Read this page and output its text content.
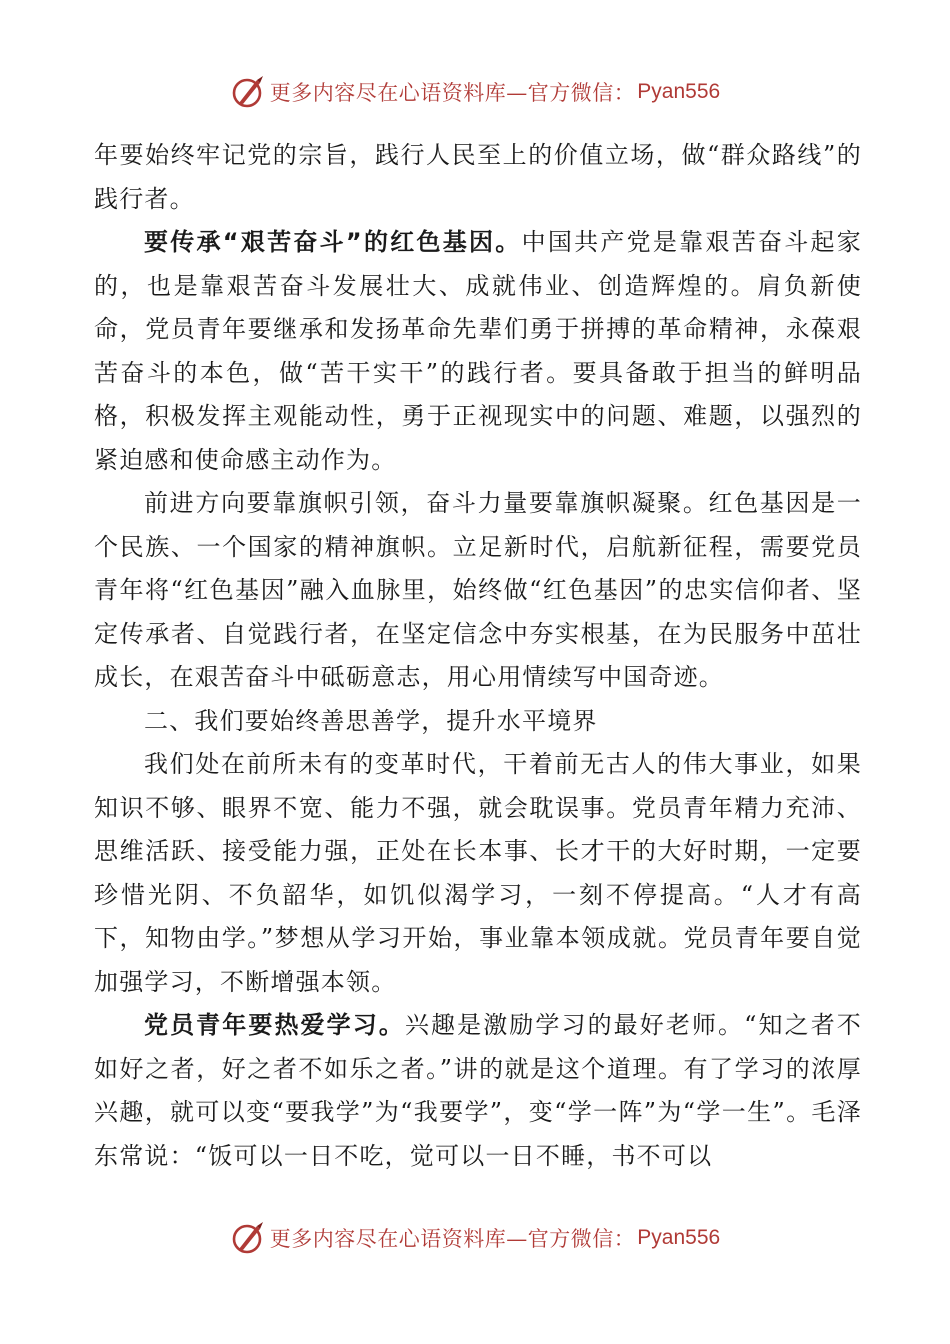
更多内容尽在心语资料库—官方微信： Pyan556

年要始终牢记党的宗旨，践行人民至上的价值立场，做“群众路线”的践行者。

要传承“艰苦奋斗”的红色基因。中国共产党是靠艰苦奋斗起家的，也是靠艰苦奋斗发展壮大、成就伟业、创造辉煌的。肩负新使命，党员青年要继承和发扬革命先辈们勇于拼搏的革命精神，永葆艰苦奋斗的本色，做“苦干实干”的践行者。要具备敢于担当的鲜明品格，积极发挥主观能动性，勇于正视现实中的问题、难题，以强烈的紧迫感和使命感主动作为。

前进方向要靠旗帜引领，奋斗力量要靠旗帜凝聚。红色基因是一个民族、一个国家的精神旗帜。立足新时代，启航新征程，需要党员青年将“红色基因”融入血脉里，始终做“红色基因”的忠实信仰者、坚定传承者、自觉践行者，在坚定信念中夯实根基，在为民服务中茁壮成长，在艰苦奋斗中砥砺意志，用心用情续写中国奇迹。

二、我们要始终善思善学，提升水平境界

我们处在前所未有的变革时代，干着前无古人的伟大事业，如果知识不够、眼界不宽、能力不强，就会耽误事。党员青年精力充沛、思维活跃、接受能力强，正处在长本事、长才干的大好时期，一定要珍惜光阴、不负韶华，如饥似渴学习，一刻不停提高。“人才有高下，知物由学。”梦想从学习开始，事业靠本领成就。党员青年要自觉加强学习，不断增强本领。

党员青年要热爱学习。兴趣是激励学习的最好老师。“知之者不如好之者，好之者不如乐之者。”讲的就是这个道理。有了学习的浓厚兴趣，就可以变“要我学”为“我要学”，变“学一阵”为“学一生”。毛泽东常说：“饭可以一日不吃，觉可以一日不睡，书不可以

更多内容尽在心语资料库—官方微信： Pyan556
